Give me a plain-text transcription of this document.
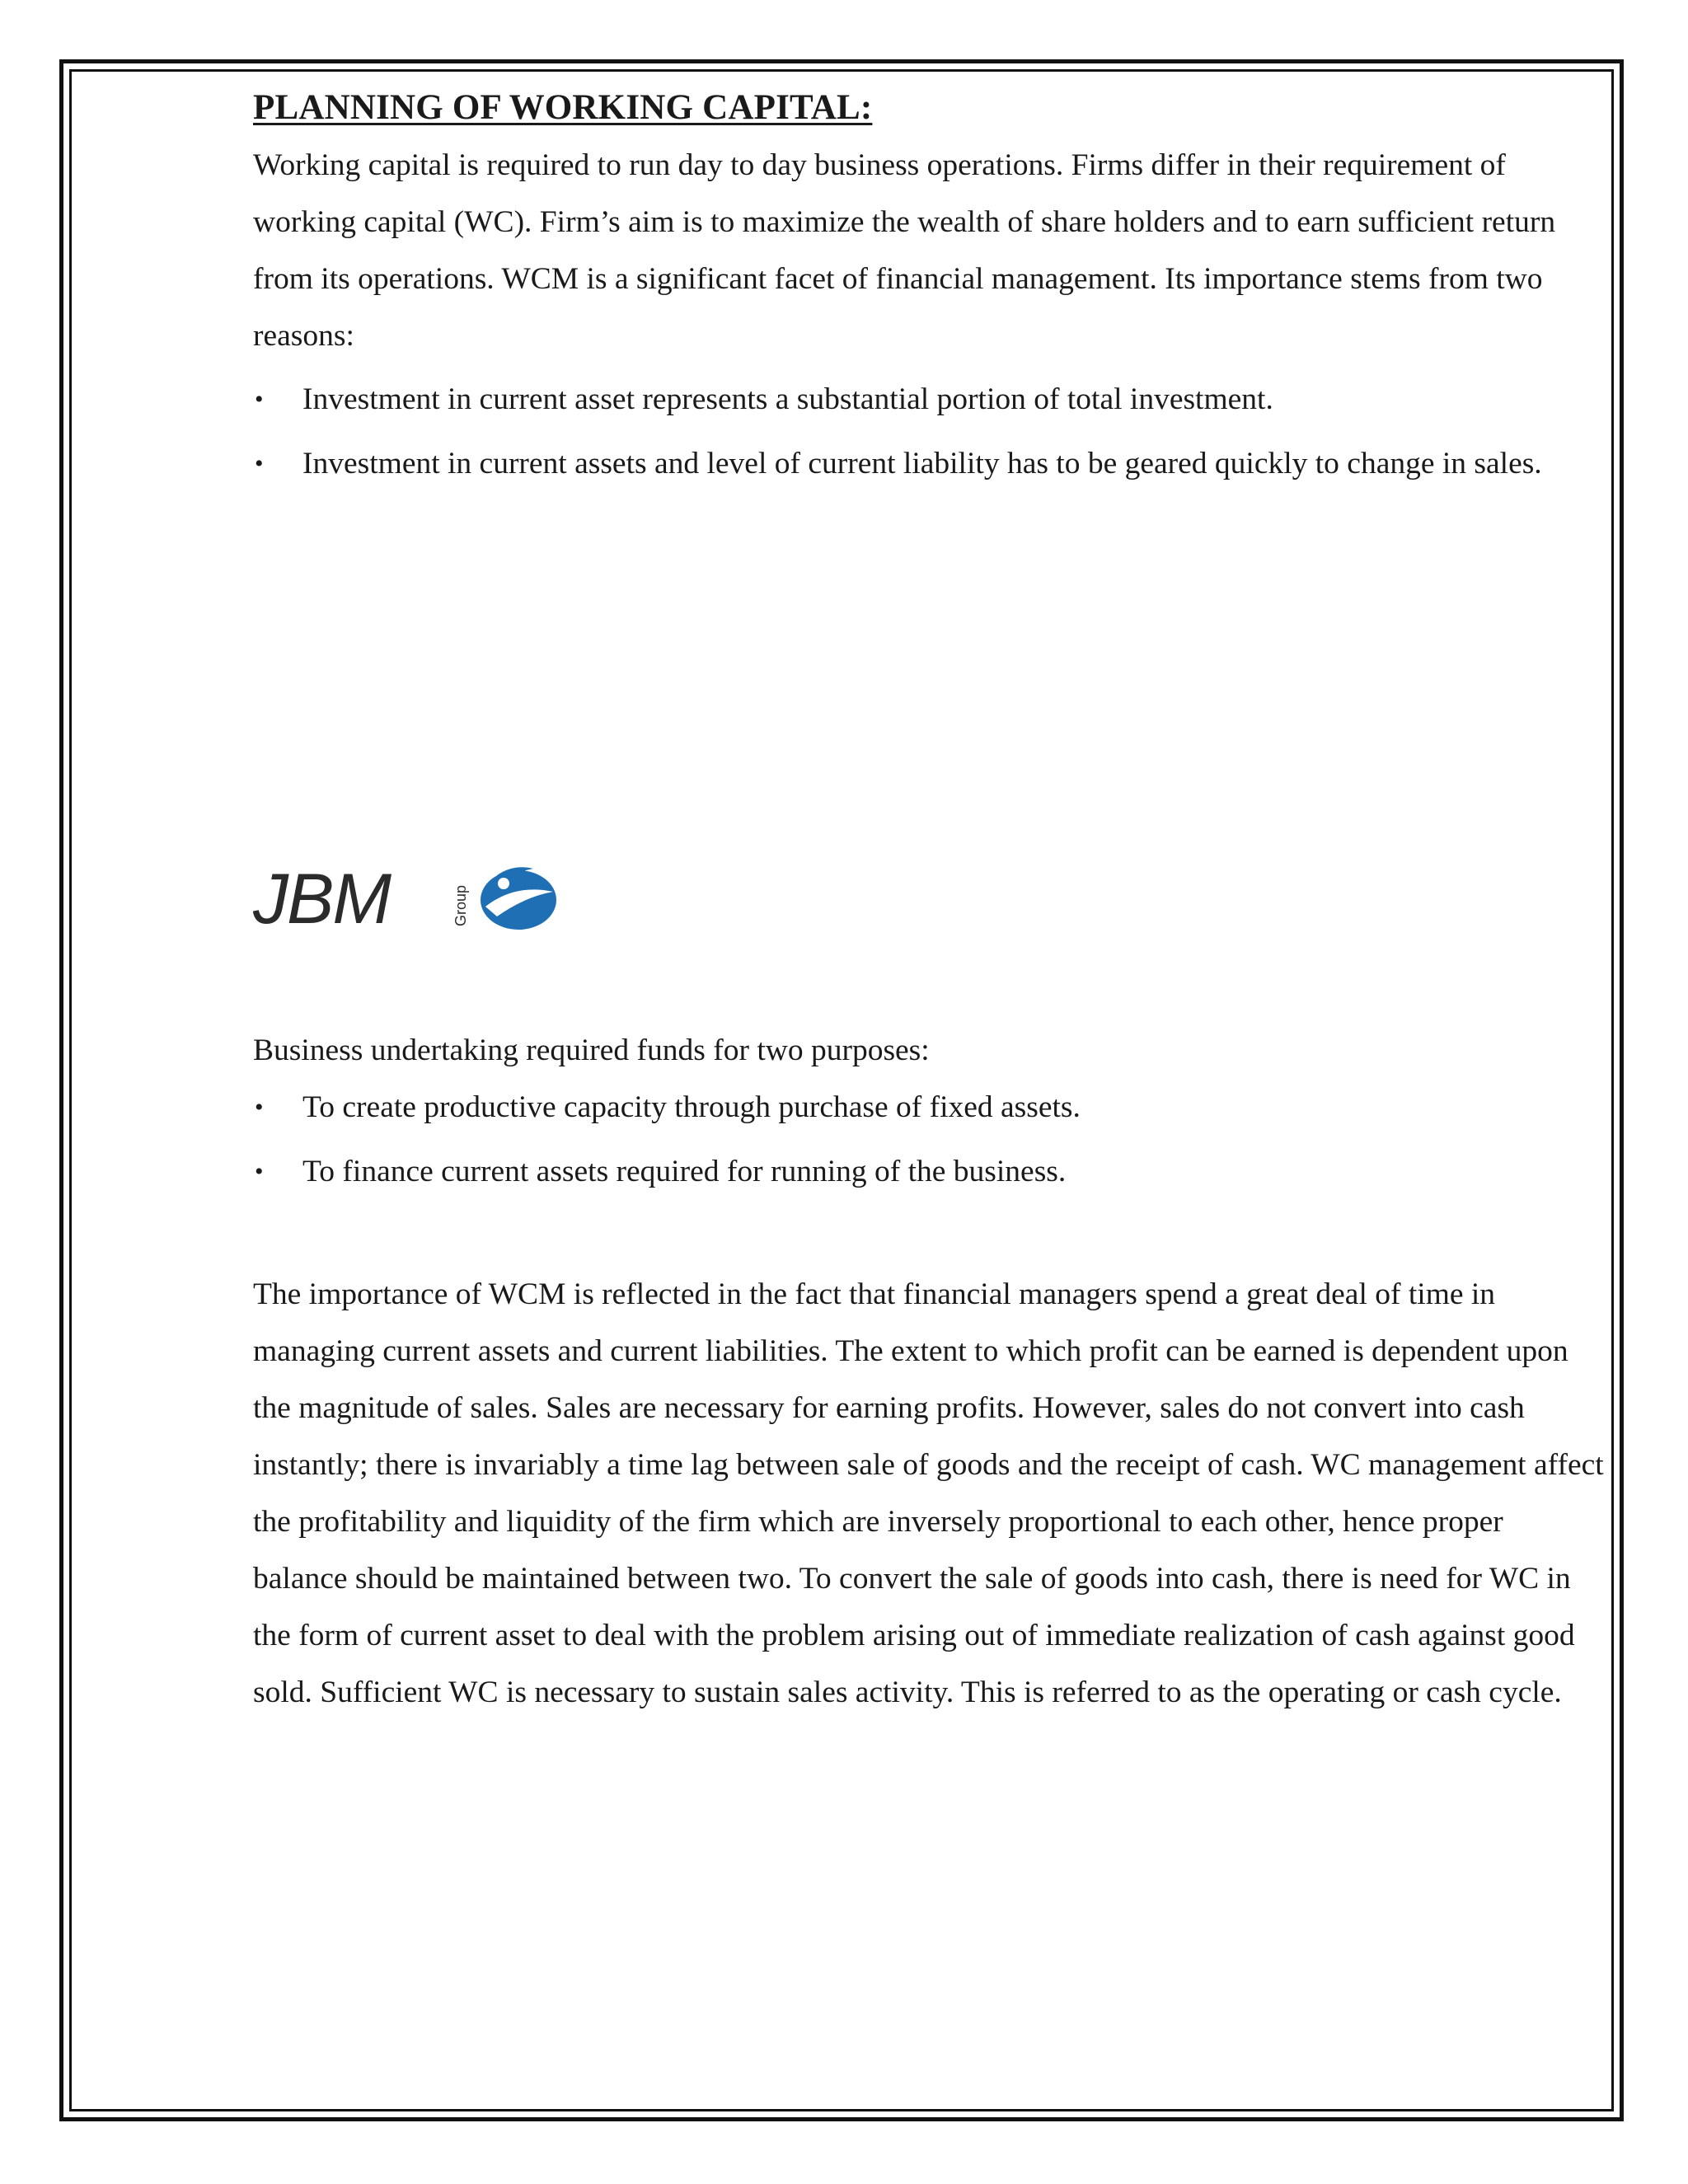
PLANNING OF WORKING CAPITAL:

Working capital is required to run day to day business operations. Firms differ in their requirement of working capital (WC). Firm’s aim is to maximize the wealth of share holders and to earn sufficient return from its operations. WCM is a significant facet of financial management. Its importance stems from two reasons:

• Investment in current asset represents a substantial portion of total investment.
• Investment in current assets and level of current liability has to be geared quickly to change in sales.
JBM	Group

Business undertaking required funds for two purposes:

• To create productive capacity through purchase of fixed assets.
• To finance current assets required for running of the business.

The importance of WCM is reflected in the fact that financial managers spend a great deal of time in managing current assets and current liabilities. The extent to which profit can be earned is dependent upon the magnitude of sales. Sales are necessary for earning profits. However, sales do not convert into cash instantly; there is invariably a time lag between sale of goods and the receipt of cash. WC management affect the profitability and liquidity of the firm which are inversely proportional to each other, hence proper balance should be maintained between two. To convert the sale of goods into cash, there is need for WC in the form of current asset to deal with the problem arising out of immediate realization of cash against good sold. Sufficient WC is necessary to sustain sales activity. This is referred to as the operating or cash cycle.
